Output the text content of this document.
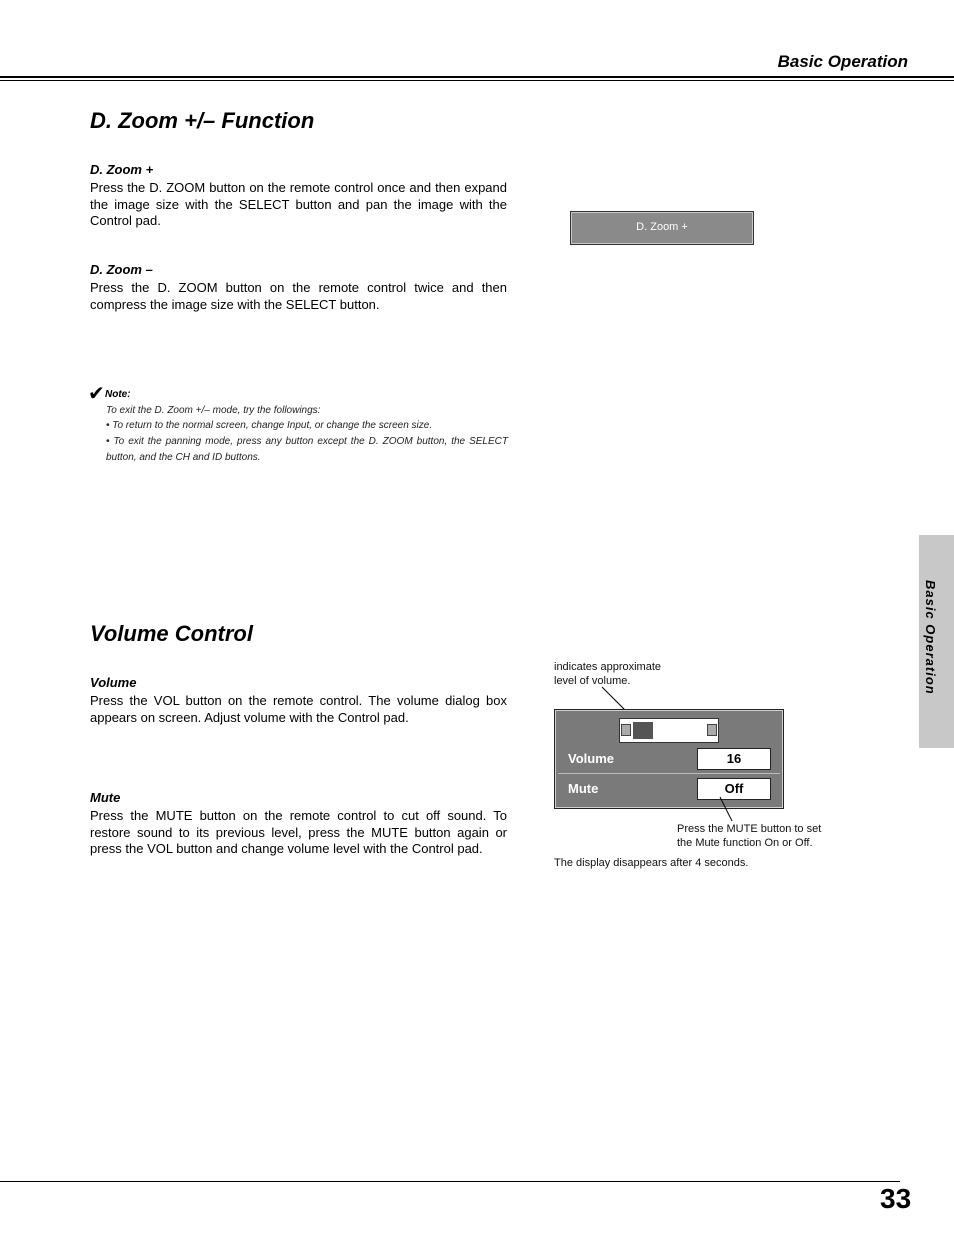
Basic Operation
D. Zoom +/– Function
D. Zoom +
Press the D. ZOOM button on the remote control once and then expand the image size with the SELECT button and pan the image with the Control pad.
D. Zoom –
Press the D. ZOOM button on the remote control twice and then compress the image size with the SELECT button.
✔ Note:
To exit the D. Zoom +/– mode, try the followings:
• To return to the normal screen, change Input, or change the screen size.
• To exit the panning mode, press any button except the D. ZOOM button, the SELECT button, and the CH and ID buttons.
D. Zoom +
Basic Operation
Volume Control
Volume
Press the VOL button on the remote control. The volume dialog box appears on screen. Adjust volume with the Control pad.
Mute
Press the MUTE button on the remote control to cut off sound. To restore sound to its previous level, press the MUTE button again or press the VOL button and change volume level with the Control pad.
indicates approximate
level of volume.
Volume	16
Mute	Off
Press the MUTE button to set
the Mute function On or Off.
The display disappears after 4 seconds.
33
